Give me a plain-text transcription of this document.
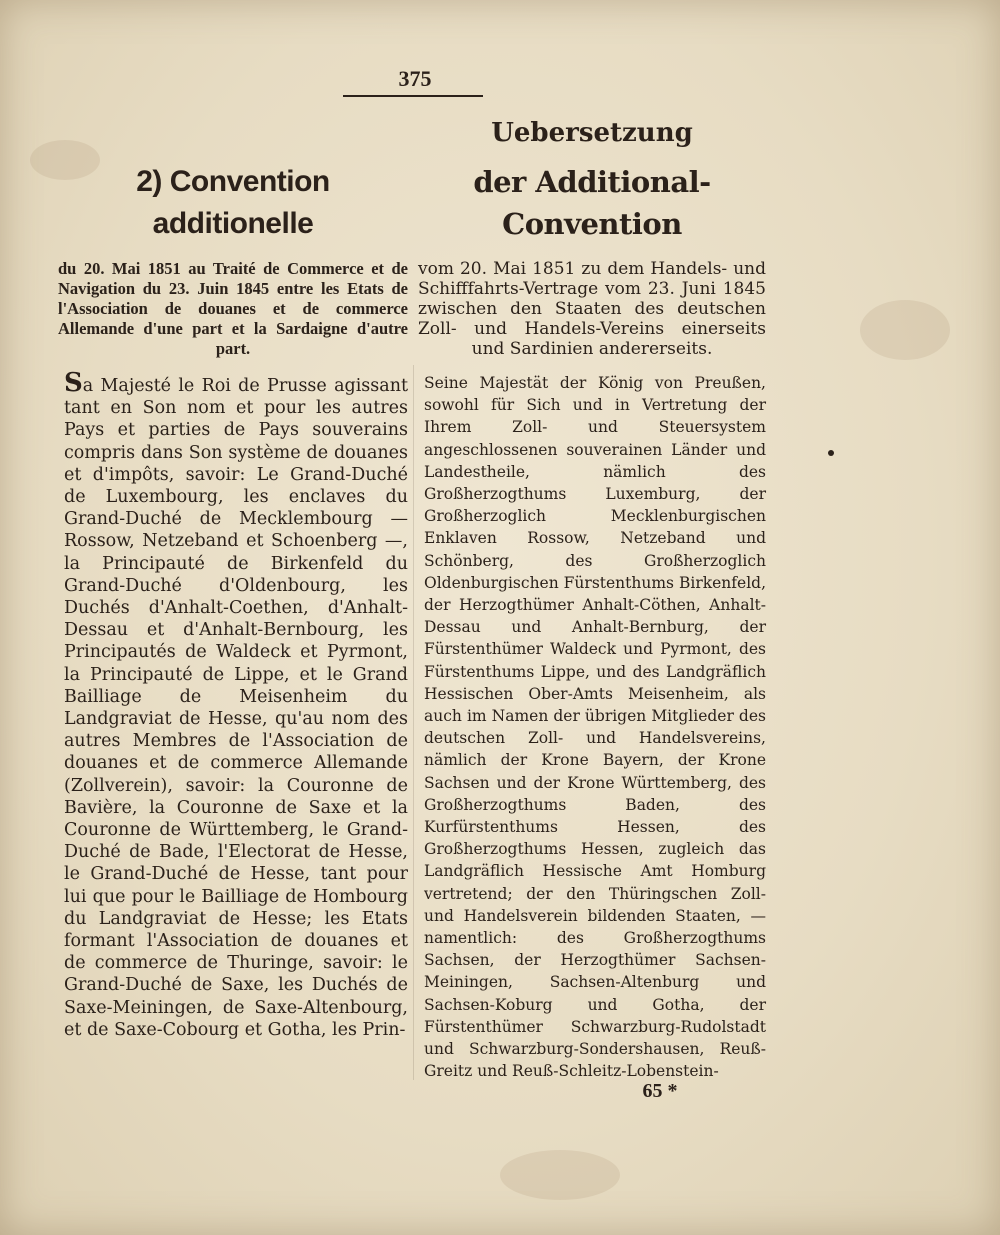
375
2) Convention additionelle
du 20. Mai 1851 au Traité de Commerce et de Navigation du 23. Juin 1845 entre les Etats de l'Association de douanes et de commerce Allemande d'une part et la Sardaigne d'autre part.
Uebersetzung
der Additional-Convention
vom 20. Mai 1851 zu dem Handels- und Schifffahrts-Vertrage vom 23. Juni 1845 zwischen den Staaten des deutschen Zoll- und Handels-Vereins einerseits und Sardinien andererseits.

Sa Majesté le Roi de Prusse agissant tant en Son nom et pour les autres Pays et parties de Pays souverains compris dans Son système de douanes et d'impôts, savoir: Le Grand-Duché de Luxembourg, les enclaves du Grand-Duché de Mecklembourg — Rossow, Netzeband et Schoenberg —, la Principauté de Birkenfeld du Grand-Duché d'Oldenbourg, les Duchés d'Anhalt-Coethen, d'Anhalt-Dessau et d'Anhalt-Bernbourg, les Principautés de Waldeck et Pyrmont, la Principauté de Lippe, et le Grand Bailliage de Meisenheim du Landgraviat de Hesse, qu'au nom des autres Membres de l'Association de douanes et de commerce Allemande (Zollverein), savoir: la Couronne de Bavière, la Couronne de Saxe et la Couronne de Württemberg, le Grand-Duché de Bade, l'Electorat de Hesse, le Grand-Duché de Hesse, tant pour lui que pour le Bailliage de Hombourg du Landgraviat de Hesse; les Etats formant l'Association de douanes et de commerce de Thuringe, savoir: le Grand-Duché de Saxe, les Duchés de Saxe-Meiningen, de Saxe-Altenbourg, et de Saxe-Cobourg et Gotha, les Prin-

Seine Majestät der König von Preußen, sowohl für Sich und in Vertretung der Ihrem Zoll- und Steuersystem angeschlossenen souverainen Länder und Landestheile, nämlich des Großherzogthums Luxemburg, der Großherzoglich Mecklenburgischen Enklaven Rossow, Netzeband und Schönberg, des Großherzoglich Oldenburgischen Fürstenthums Birkenfeld, der Herzogthümer Anhalt-Cöthen, Anhalt-Dessau und Anhalt-Bernburg, der Fürstenthümer Waldeck und Pyrmont, des Fürstenthums Lippe, und des Landgräflich Hessischen Ober-Amts Meisenheim, als auch im Namen der übrigen Mitglieder des deutschen Zoll- und Handelsvereins, nämlich der Krone Bayern, der Krone Sachsen und der Krone Württemberg, des Großherzogthums Baden, des Kurfürstenthums Hessen, des Großherzogthums Hessen, zugleich das Landgräflich Hessische Amt Homburg vertretend; der den Thüringschen Zoll- und Handelsverein bildenden Staaten, — namentlich: des Großherzogthums Sachsen, der Herzogthümer Sachsen-Meiningen, Sachsen-Altenburg und Sachsen-Koburg und Gotha, der Fürstenthümer Schwarzburg-Rudolstadt und Schwarzburg-Sondershausen, Reuß-Greitz und Reuß-Schleitz-Lobenstein-

65 *
